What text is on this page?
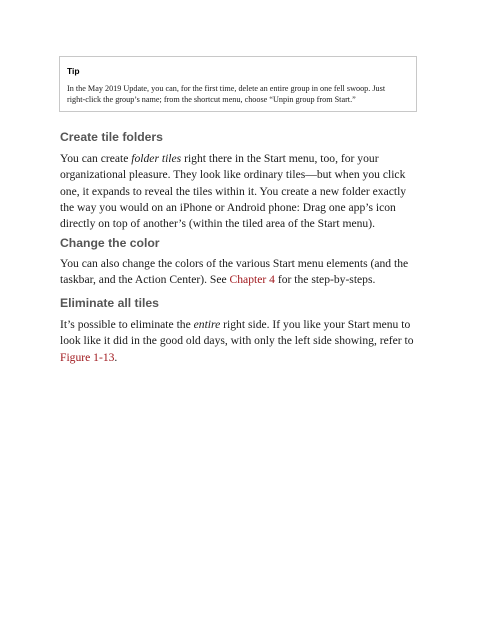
Tip

In the May 2019 Update, you can, for the first time, delete an entire group in one fell swoop. Just
right-click the group’s name; from the shortcut menu, choose “Unpin group from Start.”

Create tile folders

You can create folder tiles right there in the Start menu, too, for your
organizational pleasure. They look like ordinary tiles—but when you click
one, it expands to reveal the tiles within it. You create a new folder exactly
the way you would on an iPhone or Android phone: Drag one app’s icon
directly on top of another’s (within the tiled area of the Start menu).

Change the color

You can also change the colors of the various Start menu elements (and the
taskbar, and the Action Center). See Chapter 4 for the step-by-steps.

Eliminate all tiles

It’s possible to eliminate the entire right side. If you like your Start menu to
look like it did in the good old days, with only the left side showing, refer to
Figure 1-13.
